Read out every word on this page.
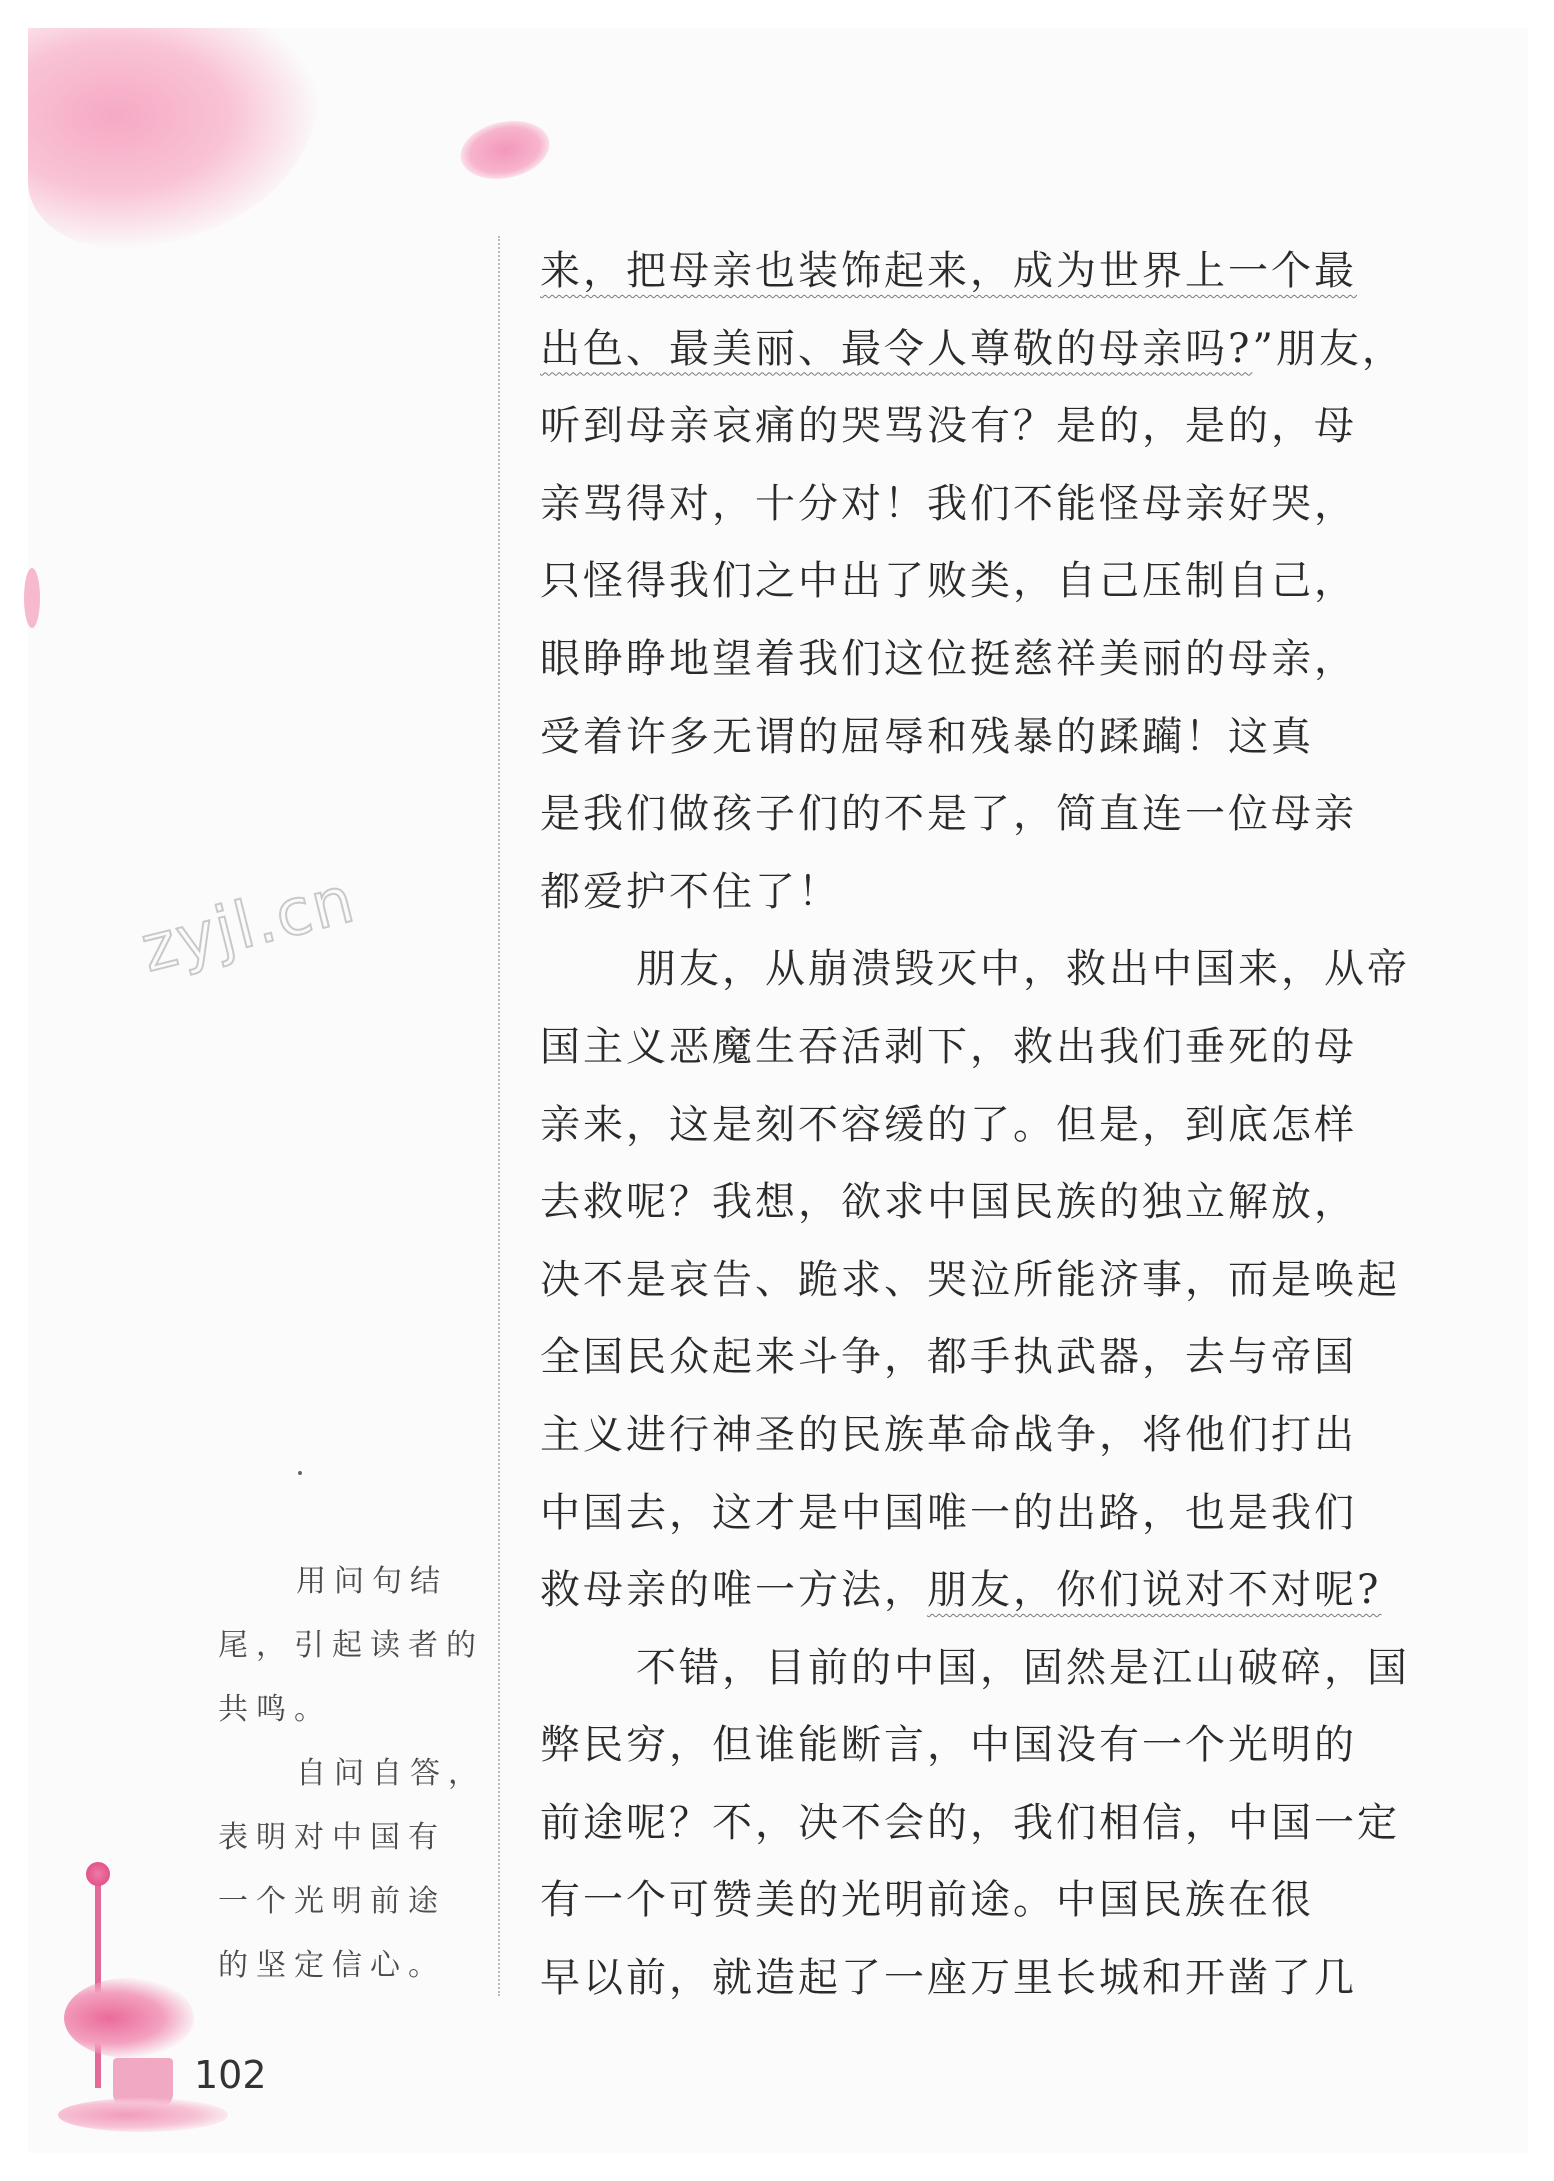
zyjl.cn
来，把母亲也装饰起来，成为世界上一个最
出色、最美丽、最令人尊敬的母亲吗?”朋友，
听到母亲哀痛的哭骂没有？是的，是的，母
亲骂得对，十分对！我们不能怪母亲好哭，
只怪得我们之中出了败类，自己压制自己，
眼睁睁地望着我们这位挺慈祥美丽的母亲，
受着许多无谓的屈辱和残暴的蹂躏！这真
是我们做孩子们的不是了，简直连一位母亲
都爱护不住了！
朋友，从崩溃毁灭中，救出中国来，从帝
国主义恶魔生吞活剥下，救出我们垂死的母
亲来，这是刻不容缓的了。但是，到底怎样
去救呢？我想，欲求中国民族的独立解放，
决不是哀告、跪求、哭泣所能济事，而是唤起
全国民众起来斗争，都手执武器，去与帝国
主义进行神圣的民族革命战争，将他们打出
中国去，这才是中国唯一的出路，也是我们
救母亲的唯一方法，朋友，你们说对不对呢?
不错，目前的中国，固然是江山破碎，国
弊民穷，但谁能断言，中国没有一个光明的
前途呢？不，决不会的，我们相信，中国一定
有一个可赞美的光明前途。中国民族在很
早以前，就造起了一座万里长城和开凿了几
用问句结
尾，引起读者的
共鸣。
自问自答，
表明对中国有
一个光明前途
的坚定信心。
102
